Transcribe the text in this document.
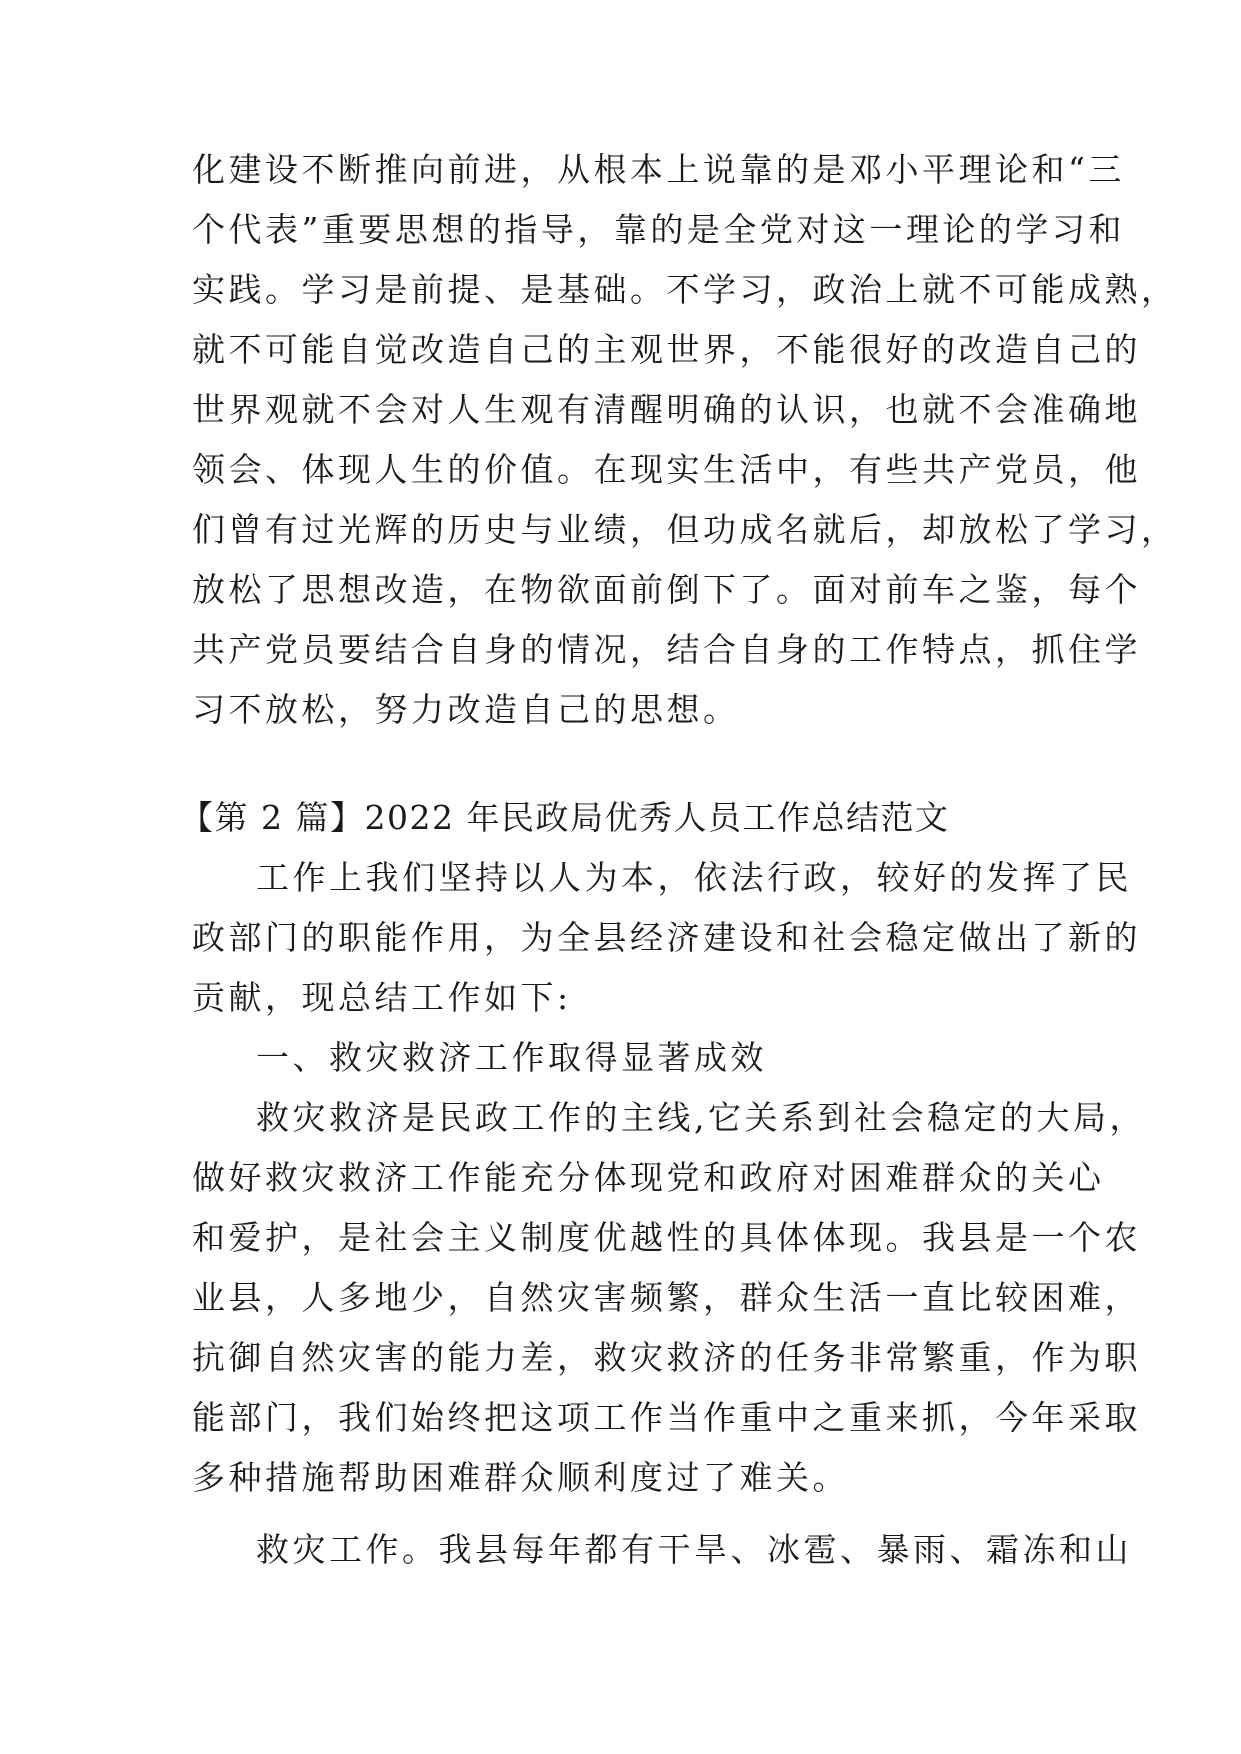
化建设不断推向前进，从根本上说靠的是邓小平理论和“三
个代表”重要思想的指导，靠的是全党对这一理论的学习和
实践。学习是前提、是基础。不学习，政治上就不可能成熟，
就不可能自觉改造自己的主观世界，不能很好的改造自己的
世界观就不会对人生观有清醒明确的认识，也就不会准确地
领会、体现人生的价值。在现实生活中，有些共产党员，他
们曾有过光辉的历史与业绩，但功成名就后，却放松了学习，
放松了思想改造，在物欲面前倒下了。面对前车之鉴，每个
共产党员要结合自身的情况，结合自身的工作特点，抓住学
习不放松，努力改造自己的思想。
【第 2 篇】2022 年民政局优秀人员工作总结范文
工作上我们坚持以人为本，依法行政，较好的发挥了民
政部门的职能作用，为全县经济建设和社会稳定做出了新的
贡献，现总结工作如下:
一、救灾救济工作取得显著成效
救灾救济是民政工作的主线,它关系到社会稳定的大局，
做好救灾救济工作能充分体现党和政府对困难群众的关心
和爱护，是社会主义制度优越性的具体体现。我县是一个农
业县，人多地少，自然灾害频繁，群众生活一直比较困难，
抗御自然灾害的能力差，救灾救济的任务非常繁重，作为职
能部门，我们始终把这项工作当作重中之重来抓，今年采取
多种措施帮助困难群众顺利度过了难关。
救灾工作。我县每年都有干旱、冰雹、暴雨、霜冻和山
